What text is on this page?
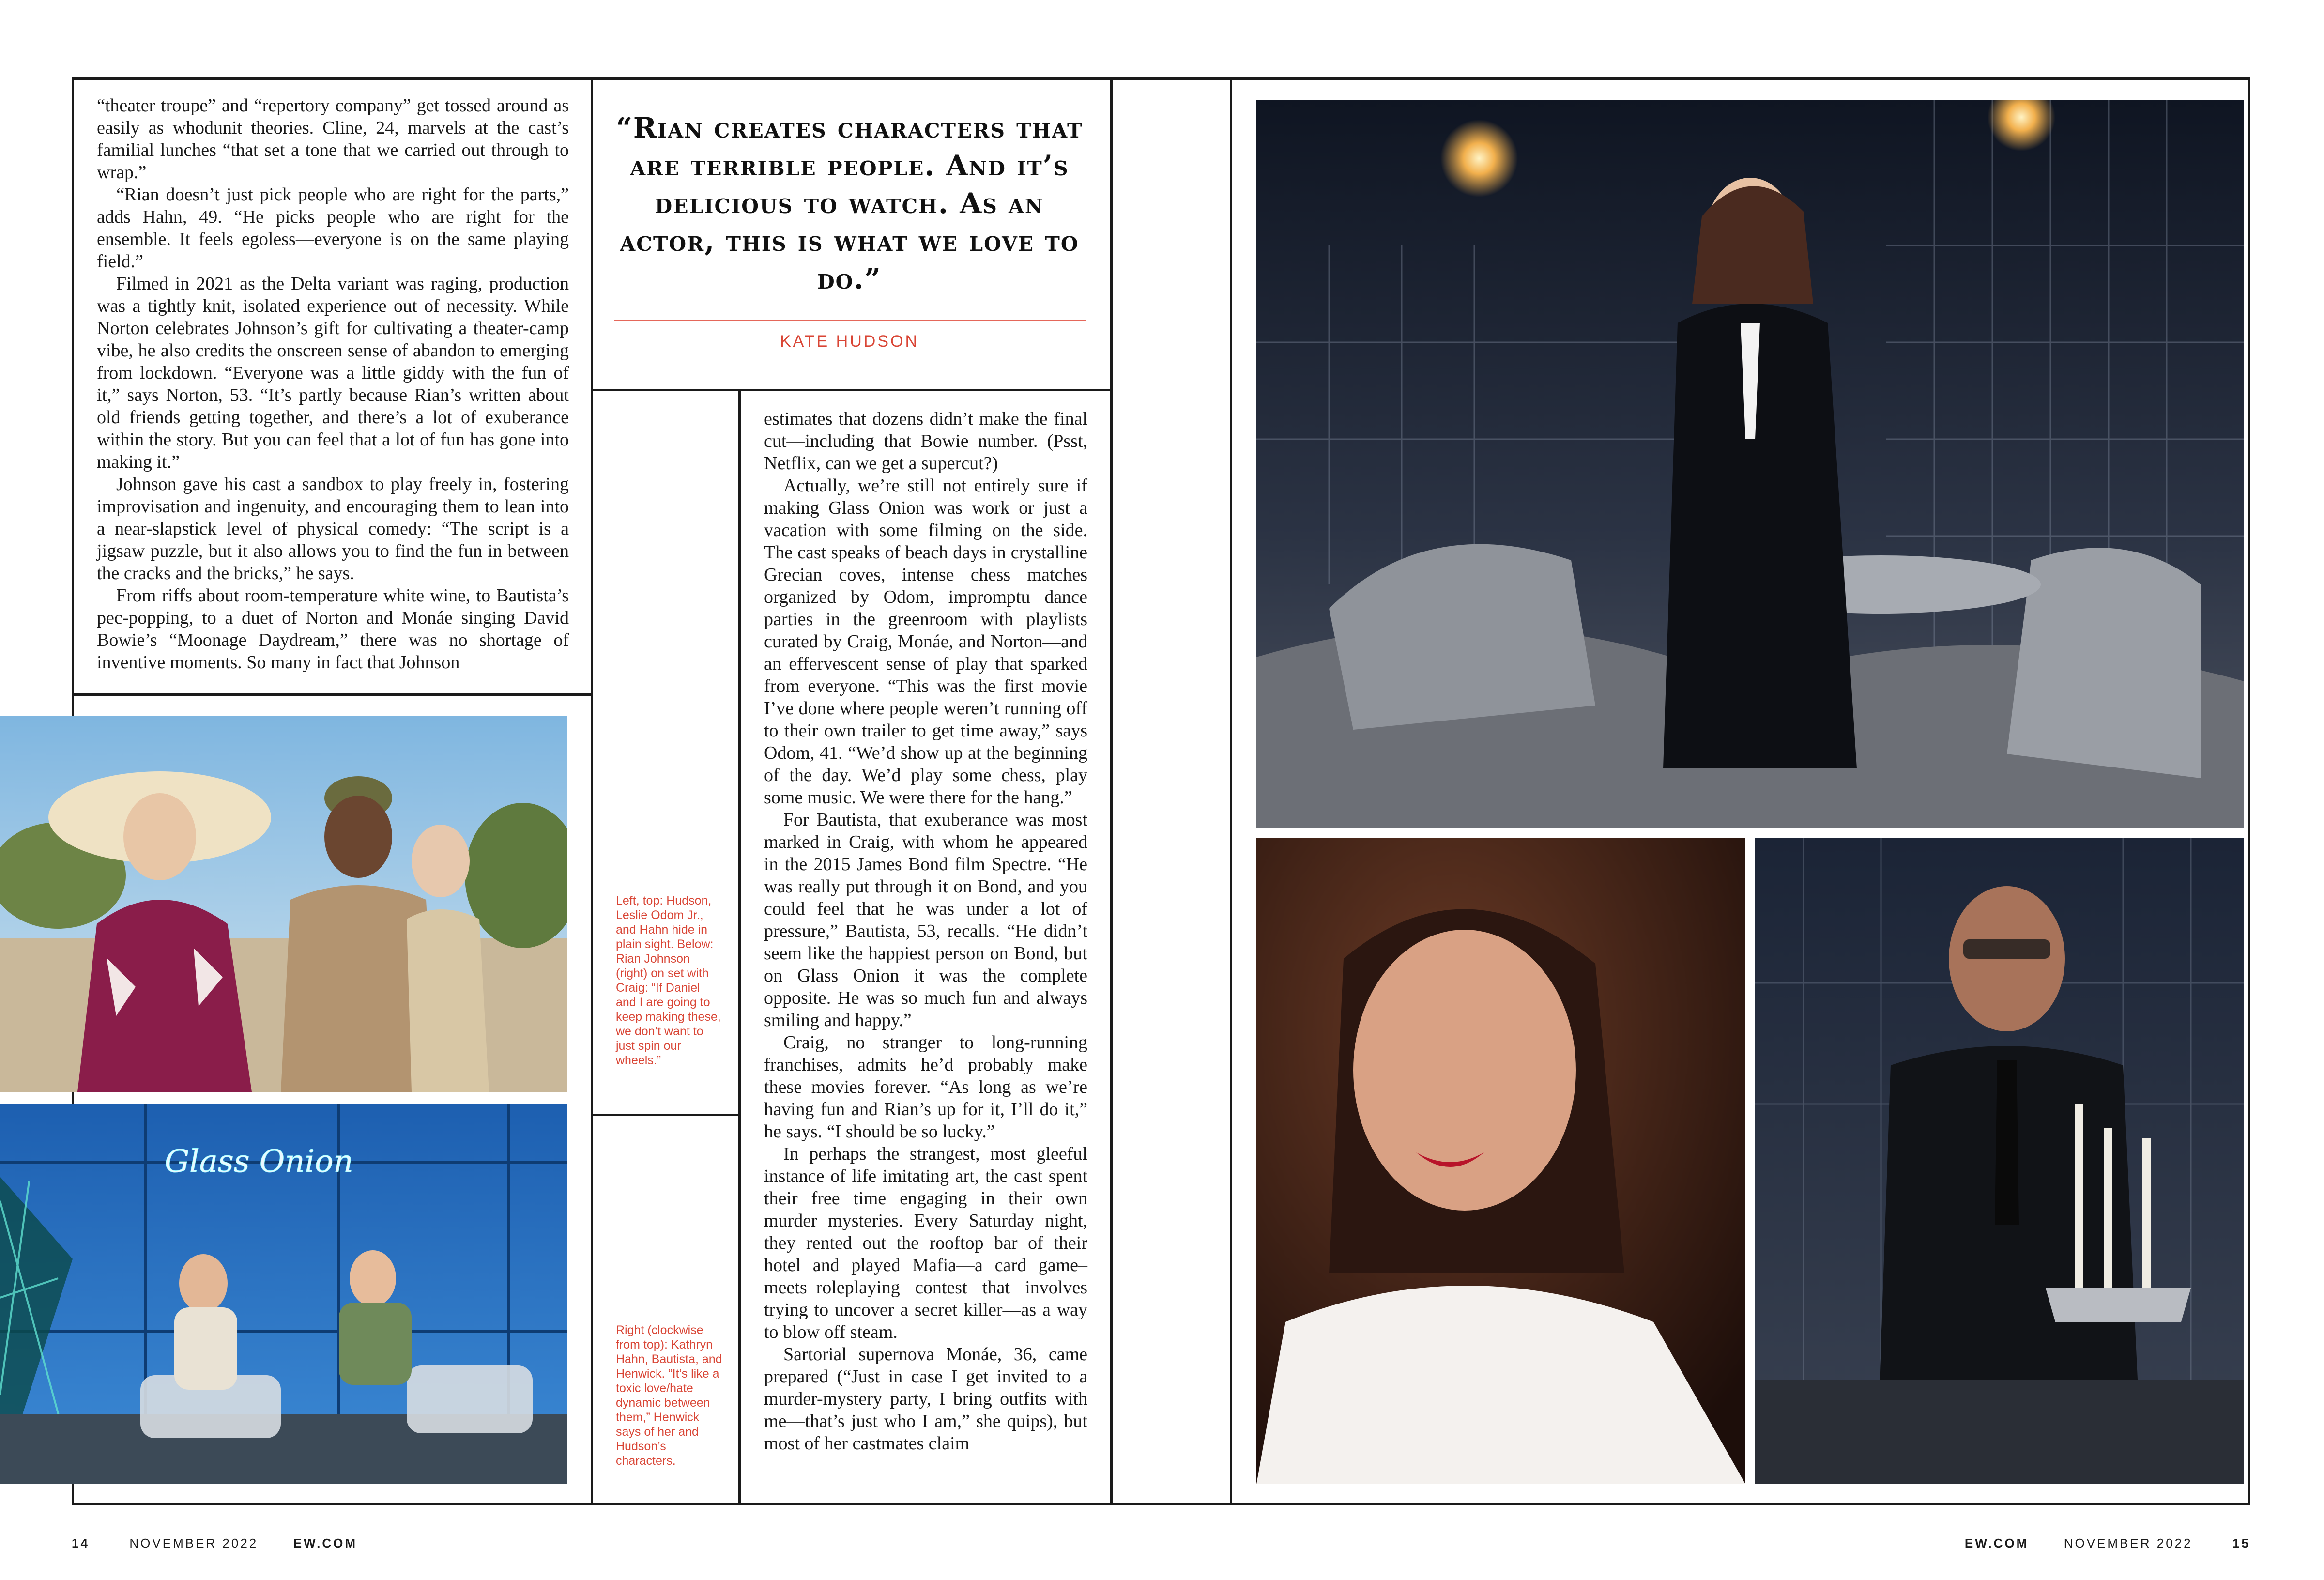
“theater troupe” and “repertory company” get tossed around as easily as whodunit theories. Cline, 24, marvels at the cast’s familial lunches “that set a tone that we carried out through to wrap.”

“Rian doesn’t just pick people who are right for the parts,” adds Hahn, 49. “He picks people who are right for the ensemble. It feels egoless—everyone is on the same playing field.”

Filmed in 2021 as the Delta variant was raging, production was a tightly knit, isolated experience out of necessity. While Norton celebrates Johnson’s gift for cultivating a theater-camp vibe, he also credits the onscreen sense of abandon to emerging from lockdown. “Everyone was a little giddy with the fun of it,” says Norton, 53. “It’s partly because Rian’s written about old friends getting together, and there’s a lot of exuberance within the story. But you can feel that a lot of fun has gone into making it.”

Johnson gave his cast a sandbox to play freely in, fostering improvisation and ingenuity, and encouraging them to lean into a near-slapstick level of physical comedy: “The script is a jigsaw puzzle, but it also allows you to find the fun in between the cracks and the bricks,” he says.

From riffs about room-temperature white wine, to Bautista’s pec-popping, to a duet of Norton and Monáe singing David Bowie’s “Moonage Daydream,” there was no shortage of inventive moments. So many in fact that Johnson

“Rian creates characters that are terrible people. And it’s delicious to watch. As an actor, this is what we love to do.”

KATE HUDSON

Left, top: Hudson, Leslie Odom Jr., and Hahn hide in plain sight. Below: Rian Johnson (right) on set with Craig: “If Daniel and I are going to keep making these, we don’t want to just spin our wheels.”

Right (clockwise from top): Kathryn Hahn, Bautista, and Henwick. “It’s like a toxic love/hate dynamic between them,” Henwick says of her and Hudson’s characters.

estimates that dozens didn’t make the final cut—including that Bowie number. (Psst, Netflix, can we get a supercut?)

Actually, we’re still not entirely sure if making Glass Onion was work or just a vacation with some filming on the side. The cast speaks of beach days in crystalline Grecian coves, intense chess matches organized by Odom, impromptu dance parties in the greenroom with playlists curated by Craig, Monáe, and Norton—and an effervescent sense of play that sparked from everyone. “This was the first movie I’ve done where people weren’t running off to their own trailer to get time away,” says Odom, 41. “We’d show up at the beginning of the day. We’d play some chess, play some music. We were there for the hang.”

For Bautista, that exuberance was most marked in Craig, with whom he appeared in the 2015 James Bond film Spectre. “He was really put through it on Bond, and you could feel that he was under a lot of pressure,” Bautista, 53, recalls. “He didn’t seem like the happiest person on Bond, but on Glass Onion it was the complete opposite. He was so much fun and always smiling and happy.”

Craig, no stranger to long-running franchises, admits he’d probably make these movies forever. “As long as we’re having fun and Rian’s up for it, I’ll do it,” he says. “I should be so lucky.”

In perhaps the strangest, most gleeful instance of life imitating art, the cast spent their free time engaging in their own murder mysteries. Every Saturday night, they rented out the rooftop bar of their hotel and played Mafia—a card game–meets–roleplaying contest that involves trying to uncover a secret killer—as a way to blow off steam.

Sartorial supernova Monáe, 36, came prepared (“Just in case I get invited to a murder-mystery party, I bring outfits with me—that’s just who I am,” she quips), but most of her castmates claim

Glass Onion
14	NOVEMBER 2022	EW.COM	EW.COM	NOVEMBER 2022	15
